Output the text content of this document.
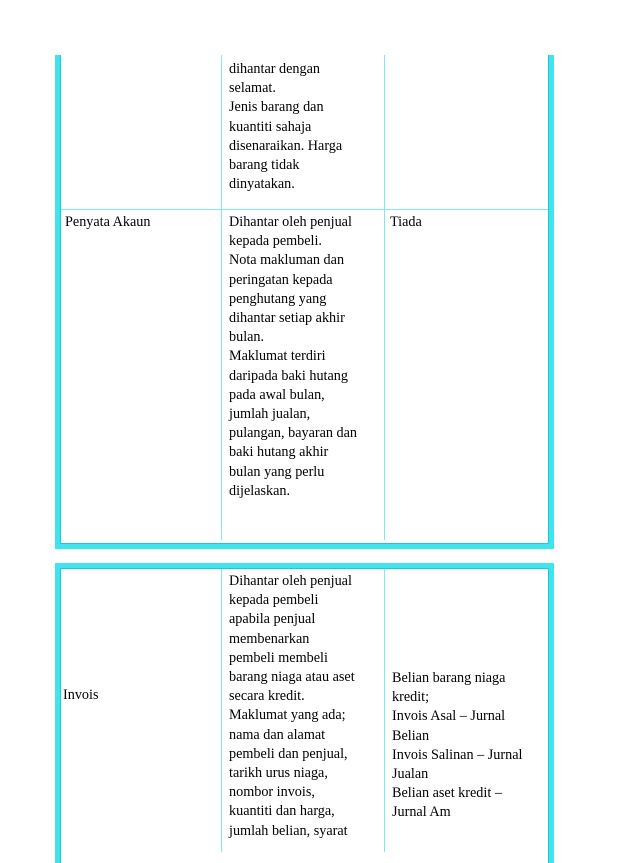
dihantar dengan
selamat.
Jenis barang dan
kuantiti sahaja
disenaraikan. Harga
barang tidak
dinyatakan.
Penyata Akaun	Dihantar oleh penjual
kepada pembeli.
Nota makluman dan
peringatan kepada
penghutang yang
dihantar setiap akhir
bulan.
Maklumat terdiri
daripada baki hutang
pada awal bulan,
jumlah jualan,
pulangan, bayaran dan
baki hutang akhir
bulan yang perlu
dijelaskan.
Tiada
Invois
Dihantar oleh penjual
kepada pembeli
apabila penjual
membenarkan
pembeli membeli
barang niaga atau aset
secara kredit.
Maklumat yang ada;
nama dan alamat
pembeli dan penjual,
tarikh urus niaga,
nombor invois,
kuantiti dan harga,
jumlah belian, syarat
Belian barang niaga
kredit;
Invois Asal – Jurnal
Belian
Invois Salinan – Jurnal
Jualan
Belian aset kredit –
Jurnal Am
